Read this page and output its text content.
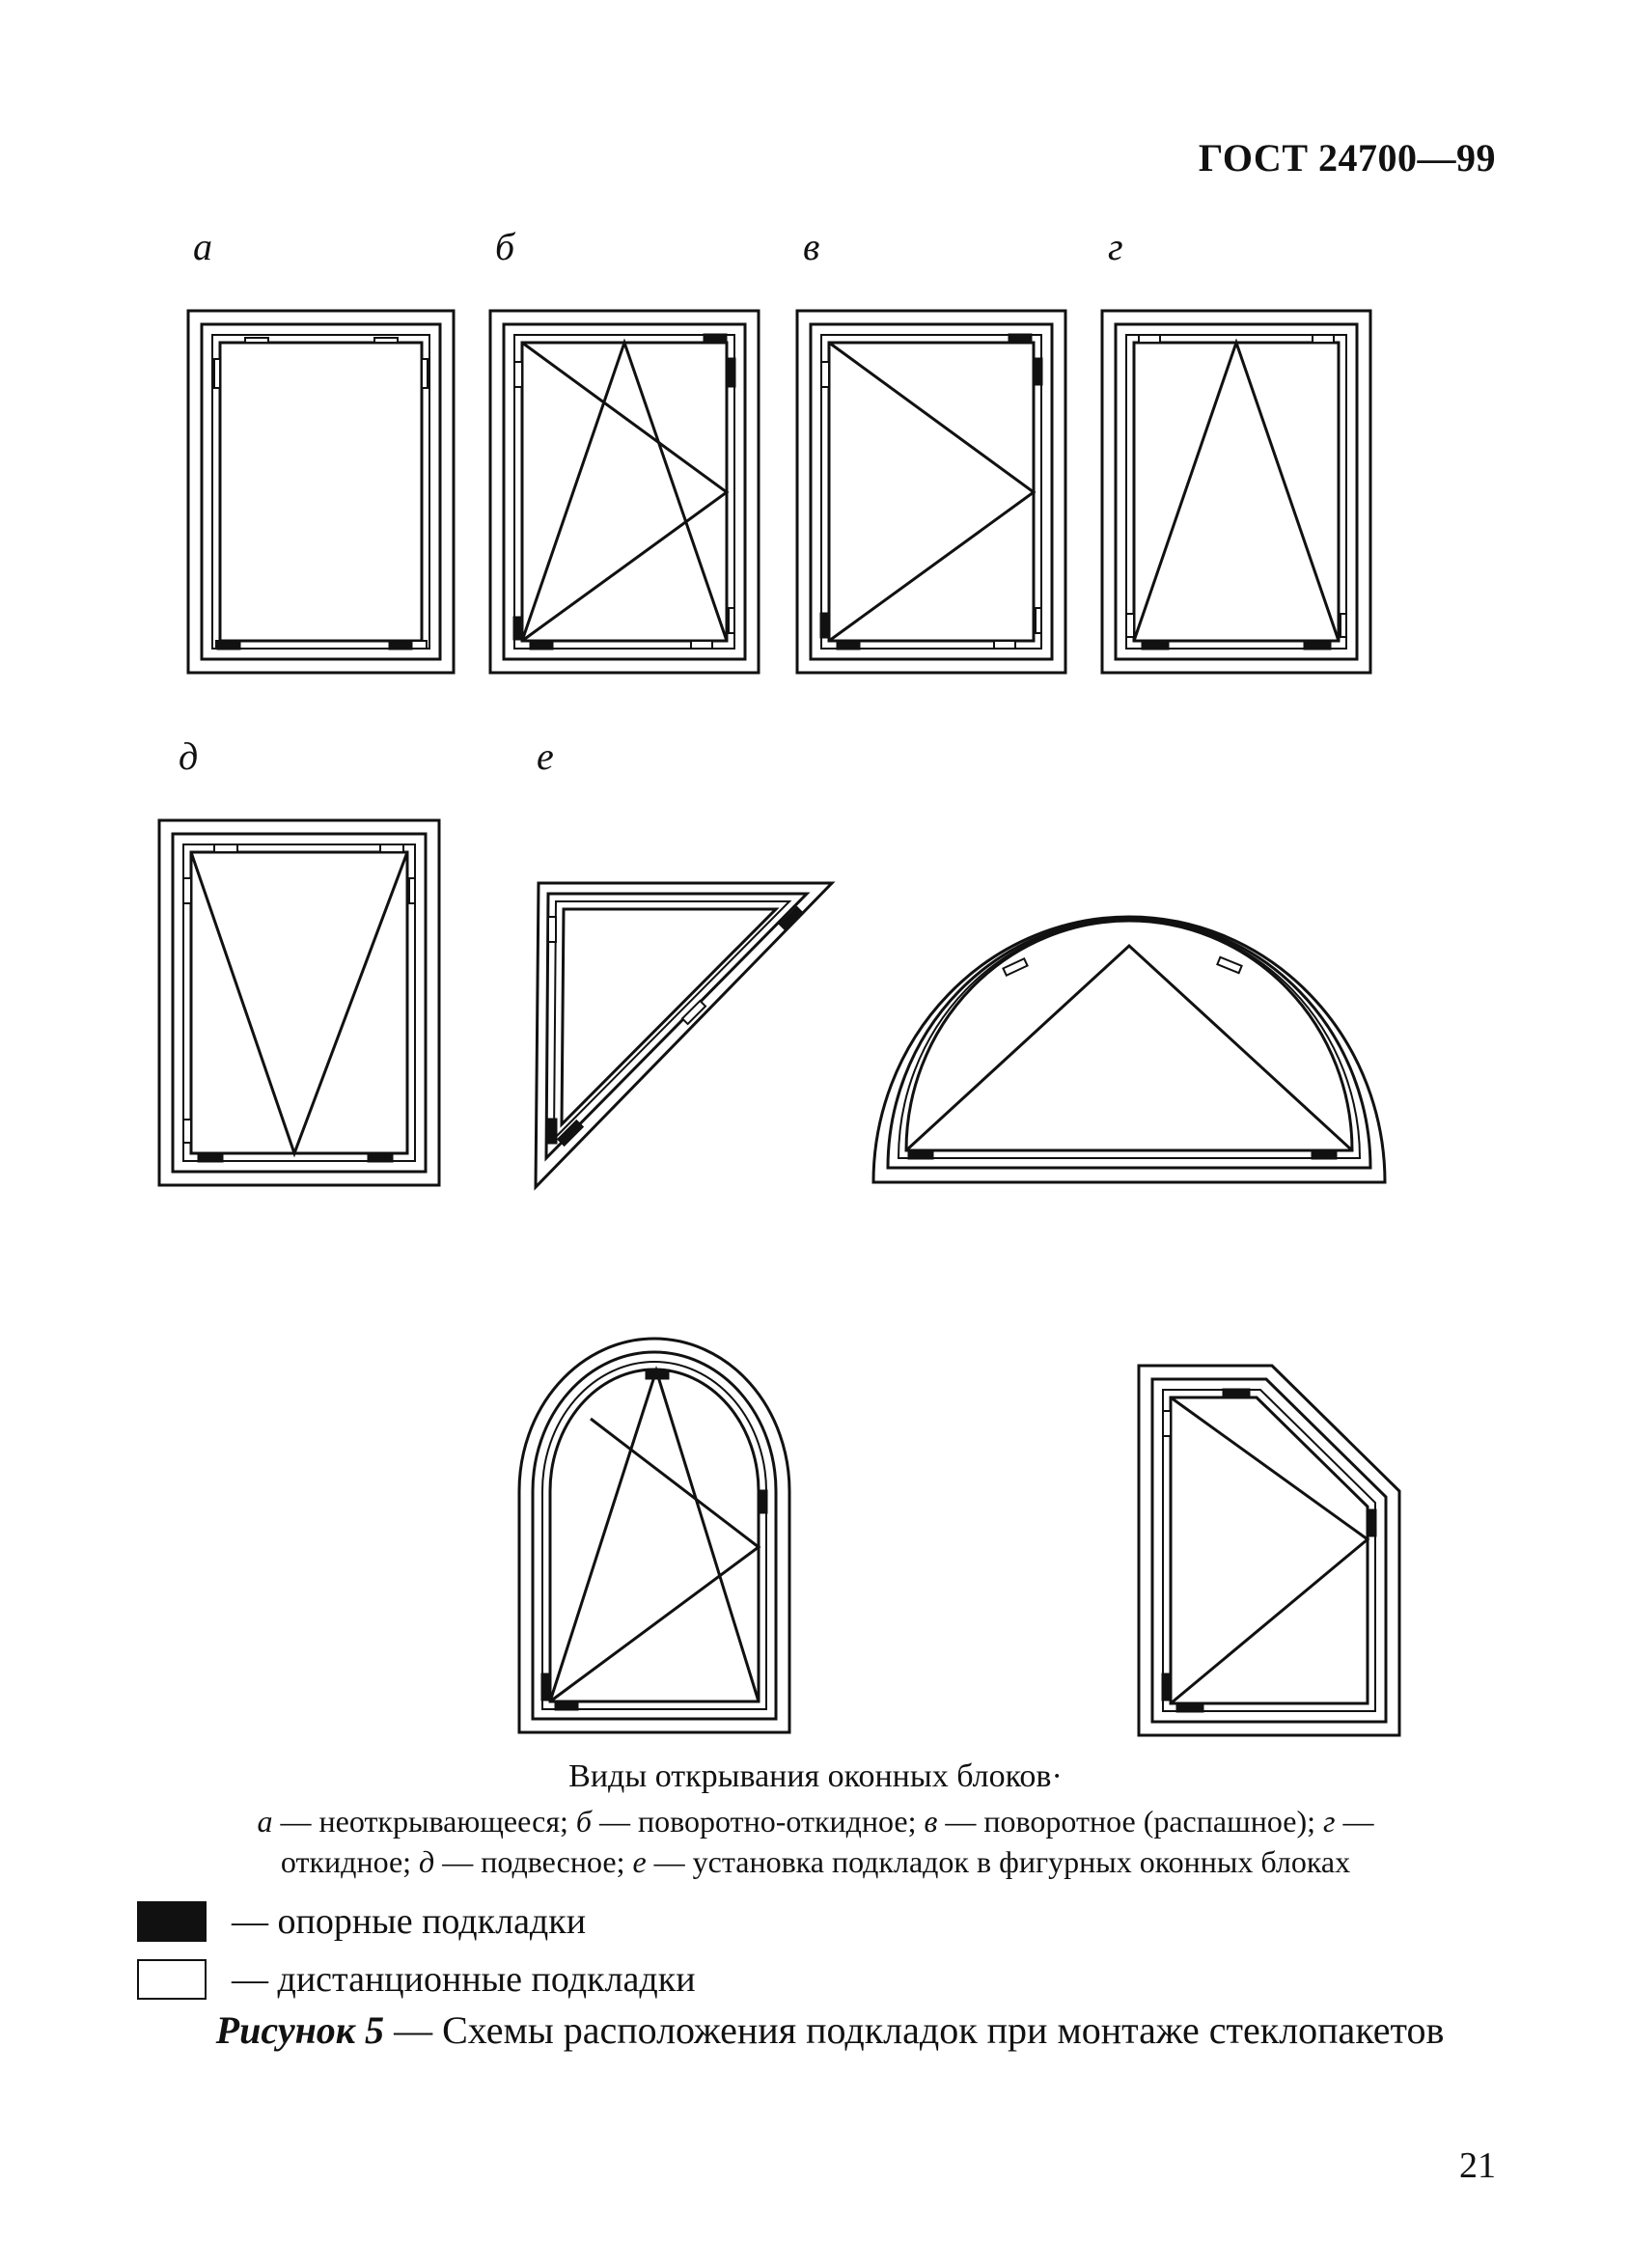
ГОСТ 24700—99
а	б	в	г
д	е
Виды открывания оконных блоков·
а — неоткрывающееся; б — поворотно-откидное; в — поворотное (распашное); г —
откидное; д — подвесное; е — установка подкладок в фигурных оконных блоках
— опорные подкладки
— дистанционные подкладки
Рисунок 5 — Схемы расположения подкладок при монтаже стеклопакетов
21
